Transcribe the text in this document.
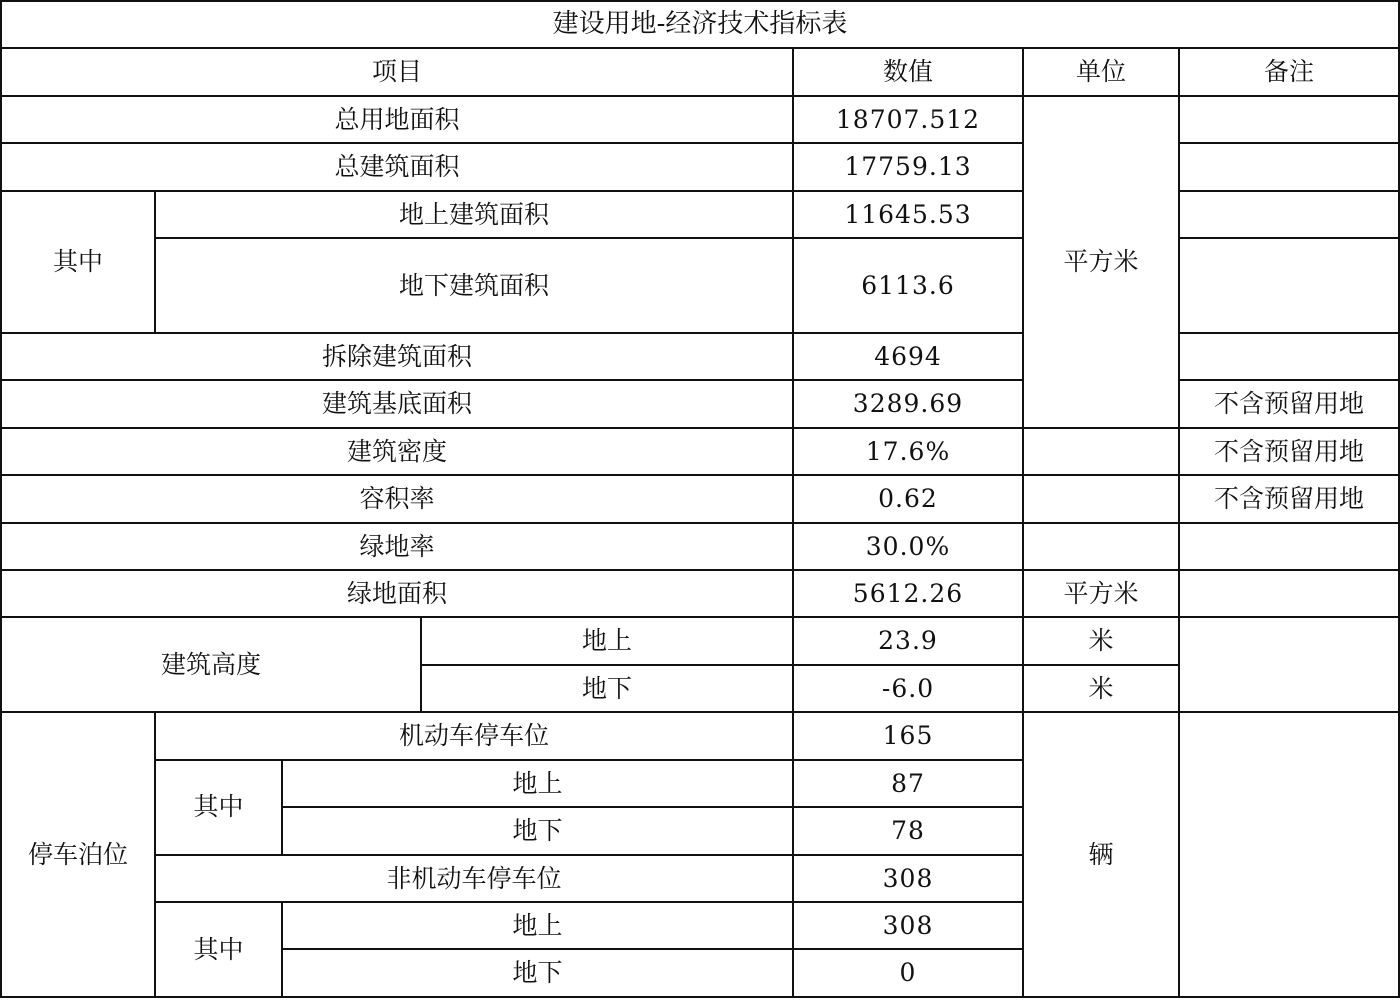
建设用地-经济技术指标表						
项目				数值	单位	备注
总用地面积				18707.512	平方米	
总建筑面积				17759.13		
其中	地上建筑面积			11645.53		
	地下建筑面积			6113.6		
拆除建筑面积				4694		
建筑基底面积				3289.69		不含预留用地
建筑密度				17.6%		不含预留用地
容积率				0.62		不含预留用地
绿地率				30.0%		
绿地面积				5612.26	平方米	
建筑高度			地上	23.9	米	
			地下	-6.0	米	
停车泊位	机动车停车位			165	辆	
	其中	地上		87		
		地下		78		
	非机动车停车位			308		
	其中	地上		308		
		地下		0		
